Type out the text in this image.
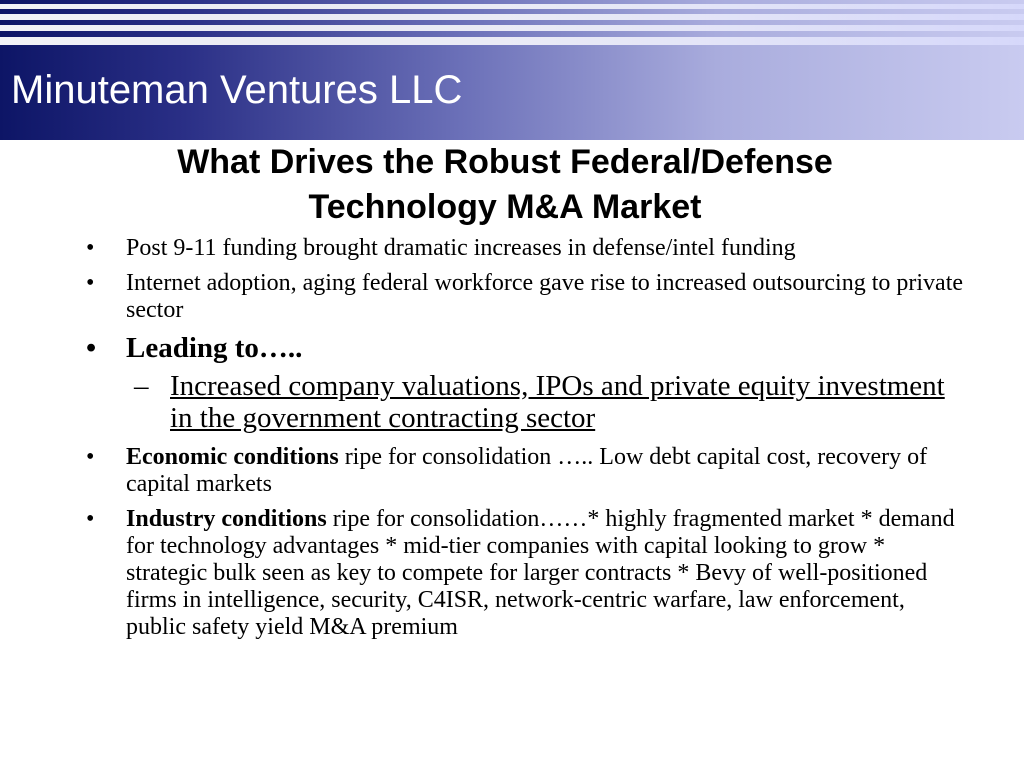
Minuteman Ventures LLC
What Drives the Robust Federal/Defense
Technology M&A Market
• Post 9-11 funding brought dramatic increases in defense/intel funding
• Internet adoption, aging federal workforce gave rise to increased outsourcing to private sector
• Leading to…..
– Increased company valuations, IPOs and private equity investment in the government contracting sector
• Economic conditions ripe for consolidation ….. Low debt capital cost, recovery of capital markets
• Industry conditions ripe for consolidation……* highly fragmented market * demand for technology advantages * mid-tier companies with capital looking to grow * strategic bulk seen as key to compete for larger contracts * Bevy of well-positioned firms in intelligence, security, C4ISR, network-centric warfare, law enforcement, public safety yield M&A premium
